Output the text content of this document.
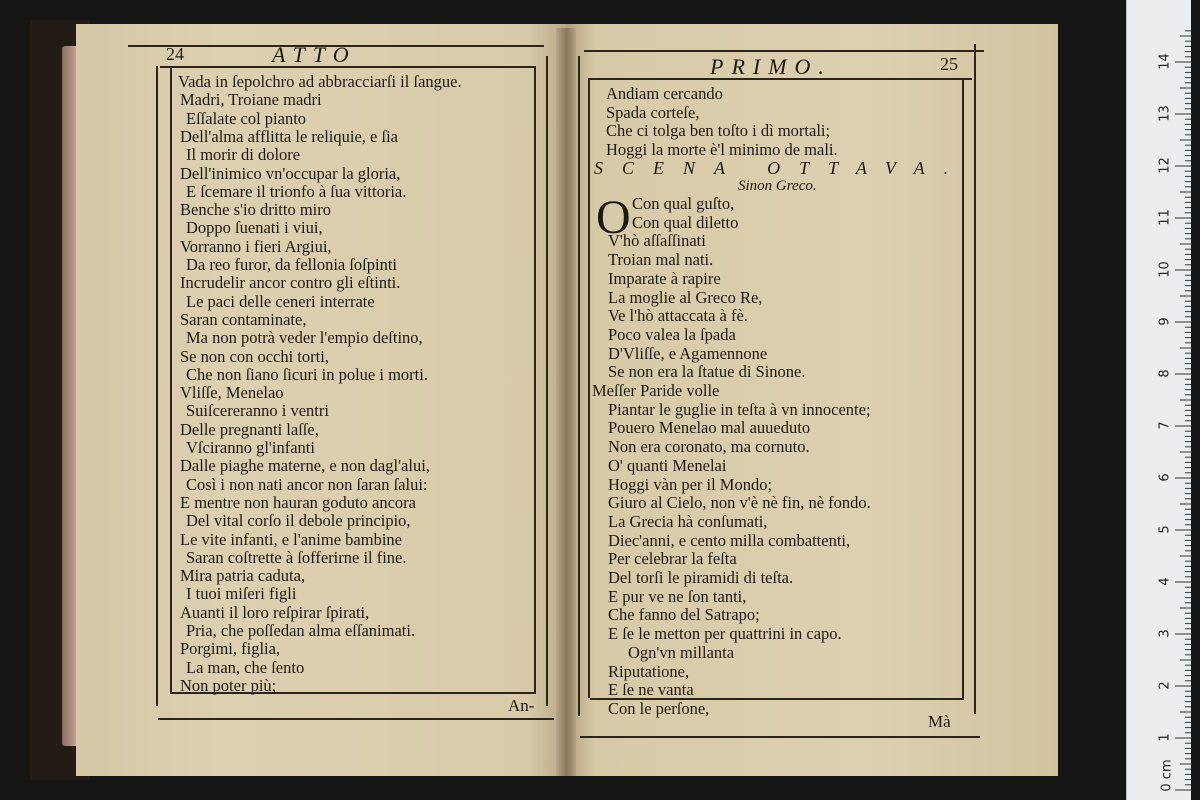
24	ATTO
An-
Vada in ſepolchro ad abbracciarſi il ſangue.
Madri, Troiane madri
Eſſalate col pianto
Dell'alma afflitta le reliquie, e ſia
Il morir di dolore
Dell'inimico vn'occupar la gloria,
E ſcemare il trionfo à ſua vittoria.
Benche s'io dritto miro
Doppo ſuenati i viui,
Vorranno i fieri Argiui,
Da reo furor, da fellonia ſoſpinti
Incrudelir ancor contro gli eſtinti.
Le paci delle ceneri interrate
Saran contaminate,
Ma non potrà veder l'empio deſtino,
Se non con occhi torti,
Che non ſiano ſicuri in polue i morti.
Vliſſe, Menelao
Suiſcereranno i ventri
Delle pregnanti laſſe,
Vſciranno gl'infanti
Dalle piaghe materne, e non dagl'alui,
Così i non nati ancor non ſaran ſalui:
E mentre non hauran goduto ancora
Del vital corſo il debole principio,
Le vite infanti, e l'anime bambine
Saran coſtrette à ſofferirne il fine.
Mira patria caduta,
I tuoi miſeri figli
Auanti il loro reſpirar ſpirati,
Pria, che poſſedan alma eſſanimati.
Porgimi, figlia,
La man, che ſento
Non poter più;
PRIMO.	25
Mà
Andiam cercando
Spada corteſe,
Che ci tolga ben toſto i dì mortali;
Hoggi la morte è'l minimo de mali.
SCENA OTTAVA.
Sinon Greco.
O Con qual guſto,
Con qual diletto
V'hò aſſaſſinati
Troian mal nati.
Imparate à rapire
La moglie al Greco Re,
Ve l'hò attaccata à fè.
Poco valea la ſpada
D'Vliſſe, e Agamennone
Se non era la ſtatue di Sinone.
Meſſer Paride volle
Piantar le guglie in teſta à vn innocente;
Pouero Menelao mal auueduto
Non era coronato, ma cornuto.
O' quanti Menelai
Hoggi vàn per il Mondo;
Giuro al Cielo, non v'è nè fin, nè fondo.
La Grecia hà conſumati,
Diec'anni, e cento milla combattenti,
Per celebrar la feſta
Del torſi le piramidi di teſta.
E pur ve ne ſon tanti,
Che fanno del Satrapo;
E ſe le metton per quattrini in capo.
Ogn'vn millanta
Riputatione,
E ſe ne vanta
Con le perſone,
1
2
3
4
5
6
7
8
9
10
11
12
13
14
0 cm
